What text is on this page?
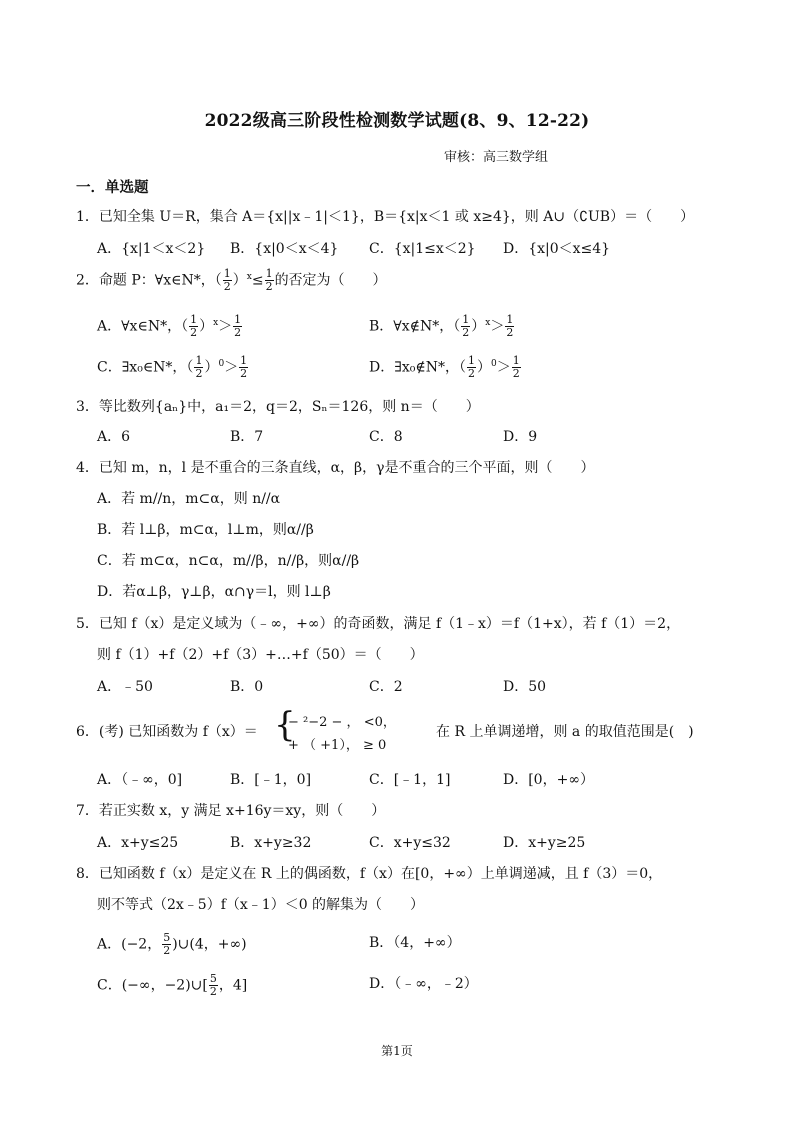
2022级高三阶段性检测数学试题(8、9、12-22)
审核：高三数学组
一．单选题
1．已知全集 U＝R，集合 A＝{x||x﹣1|＜1}，B＝{x|x＜1 或 x≥4}，则 A∪（∁UB）＝（　　）
A．{x|1＜x＜2} B．{x|0＜x＜4} C．{x|1≤x＜2} D．{x|0＜x≤4}
2．命题 P：∀x∈N*，（ $\frac{1}{2} )^x\le \frac{1}{2}$ 的否定为（　　）
A．∀x∈N*，（ $\frac{1}{2} )^x> \frac{1}{2}$	B．∀x∉N*，（ $\frac{1}{2} )^x> \frac{1}{2}$
C．∃x₀∈N*，（ $\frac{1}{2} )^0> \frac{1}{2}$	D．∃x₀∉N*，（ $\frac{1}{2} )^0> \frac{1}{2}$
3．等比数列{aₙ}中，a₁＝2，q＝2，Sₙ＝126，则 n＝（　　）
A．6	B．7	C．8	D．9
4．已知 m，n，l 是不重合的三条直线，α，β，γ是不重合的三个平面，则（　　）
A．若 m//n，m⊂α，则 n//α
B．若 l⊥β，m⊂α，l⊥m，则α//β
C．若 m⊂α，n⊂α，m//β，n//β，则α//β
D．若α⊥β，γ⊥β，α∩γ＝l，则 l⊥β
5．已知 f（x）是定义域为（﹣∞，+∞）的奇函数，满足 f（1﹣x）＝f（1+x），若 f（1）＝2，
则 f（1）+f（2）+f（3）+…+f（50）＝（　　）
A．﹣50	B．0	C．2	D．50
6．(考) 已知函数为 f（x）＝ {
− ²−2 − ， <0，
+ （ +1）， ≥ 0
在 R 上单调递增，则 a 的取值范围是(　)
A．（﹣∞，0]	B．[﹣1，0]	C．[﹣1，1]	D．[0，+∞）
7．若正实数 x，y 满足 x+16y＝xy，则（　　）
A．x+y≤25	B．x+y≥32	C．x+y≤32	D．x+y≥25
8．已知函数 f（x）是定义在 R 上的偶函数，f（x）在[0，+∞）上单调递减，且 f（3）＝0，
则不等式（2x﹣5）f（x﹣1）＜0 的解集为（　　）
A．(−2， $\frac{5}{2}$ )∪(4，+∞)	B．（4，+∞）
C．(−∞，−2)∪[ $\frac{5}{2}$ ，4]	D．（﹣∞，﹣2）
第1页
